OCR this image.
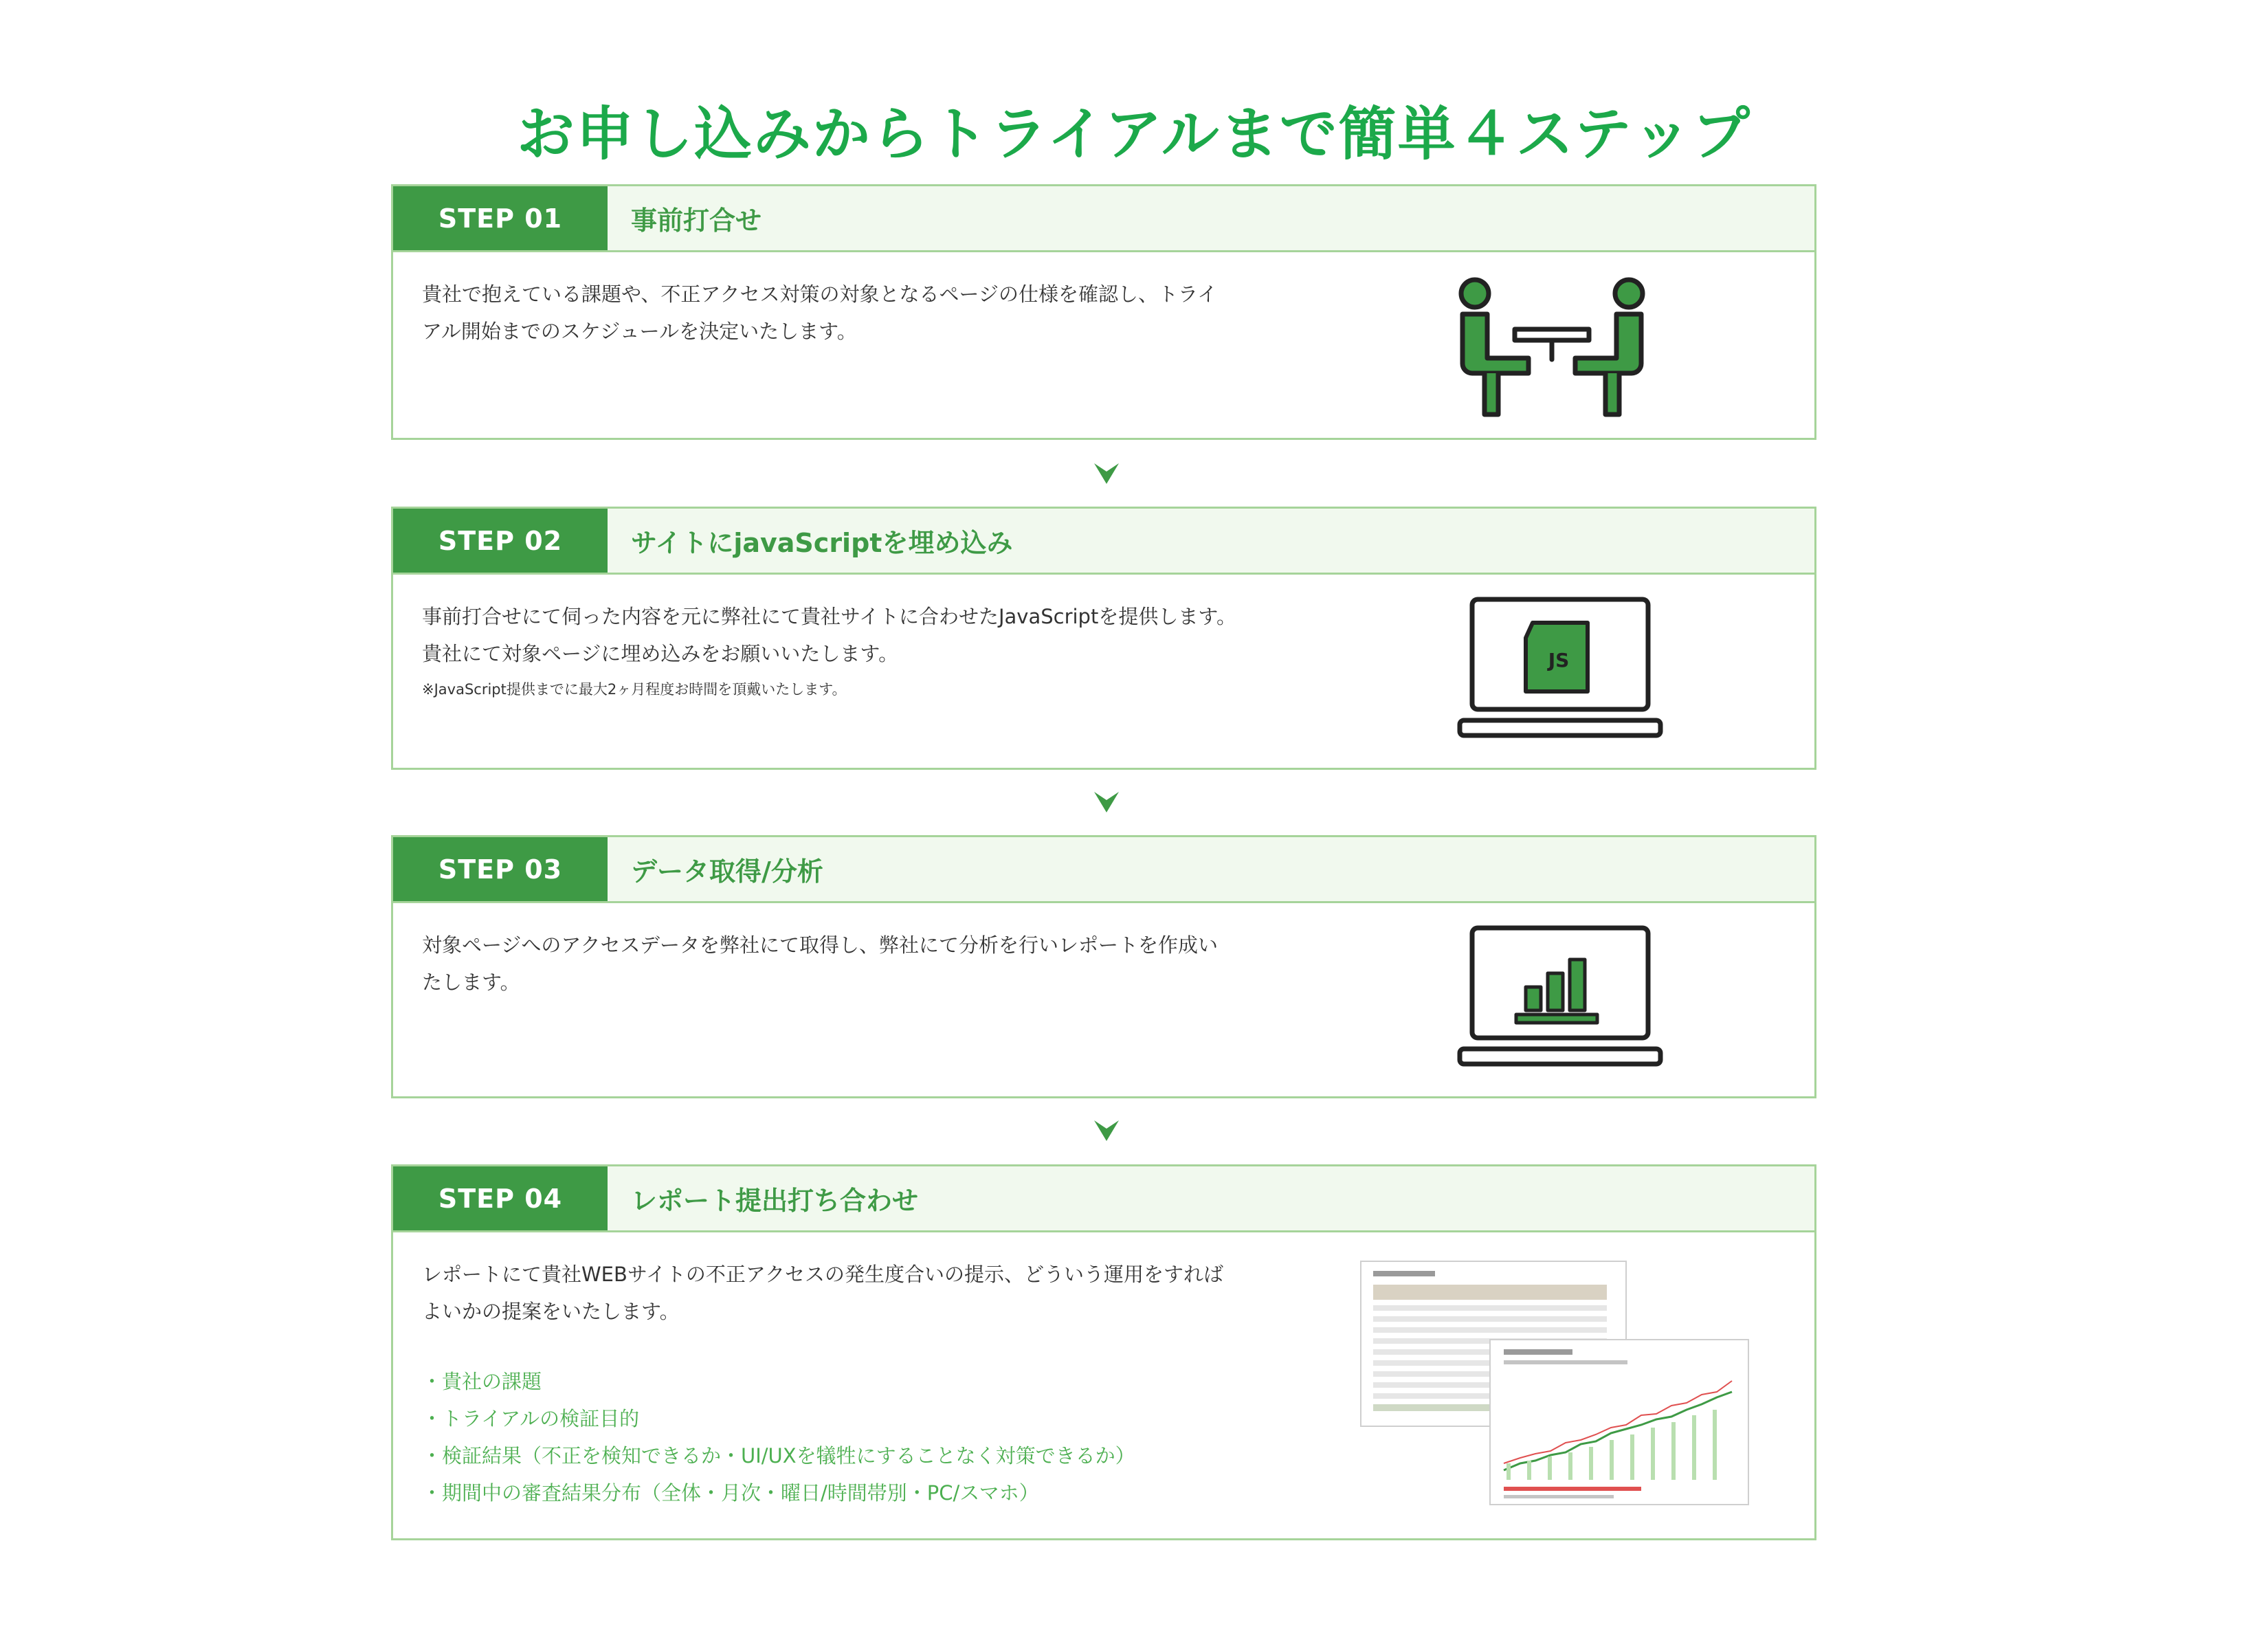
お申し込みからトライアルまで簡単４ステップ
STEP 01	事前打合せ

貴社で抱えている課題や、不正アクセス対策の対象となるページの仕様を確認し、トライ
アル開始までのスケジュールを決定いたします。

STEP 02	サイトにjavaScriptを埋め込み

事前打合せにて伺った内容を元に弊社にて貴社サイトに合わせたJavaScriptを提供します。
貴社にて対象ページに埋め込みをお願いいたします。
※JavaScript提供までに最大2ヶ月程度お時間を頂戴いたします。

JS
STEP 03	データ取得/分析

対象ページへのアクセスデータを弊社にて取得し、弊社にて分析を行いレポートを作成い
たします。

STEP 04	レポート提出打ち合わせ

レポートにて貴社WEBサイトの不正アクセスの発生度合いの提示、どういう運用をすれば
よいかの提案をいたします。

・貴社の課題
・トライアルの検証目的
・検証結果（不正を検知できるか・UI/UXを犠牲にすることなく対策できるか）
・期間中の審査結果分布（全体・月次・曜日/時間帯別・PC/スマホ）
